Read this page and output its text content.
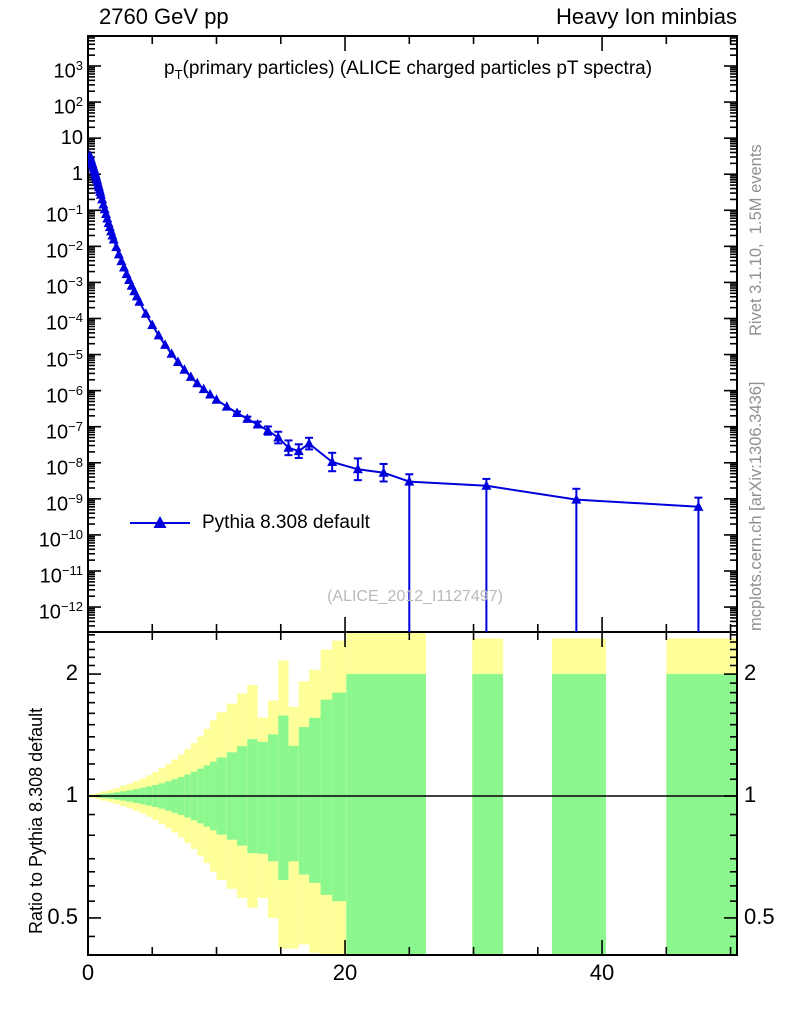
2760 GeV pp	Heavy Ion minbias
$p_T(primary$ particles) (ALICE charged particles pT spectra)
Pythia 8.308 default
(ALICE_2012_I1127497)
Ratio to Pythia 8.308 default
Rivet 3.1.10,  1.5M events
mcplots.cern.ch [arXiv:1306.3436]
$10^3$
$10^2$
10
1
$10^{-1}$
$10^{-2}$
$10^{-3}$
$10^{-4}$
$10^{-5}$
$10^{-6}$
$10^{-7}$
$10^{-8}$
$10^{-9}$
$10^{-10}$
$10^{-11}$
$10^{-12}$
0	20	40
2
1
0.5
2
1
0.5
